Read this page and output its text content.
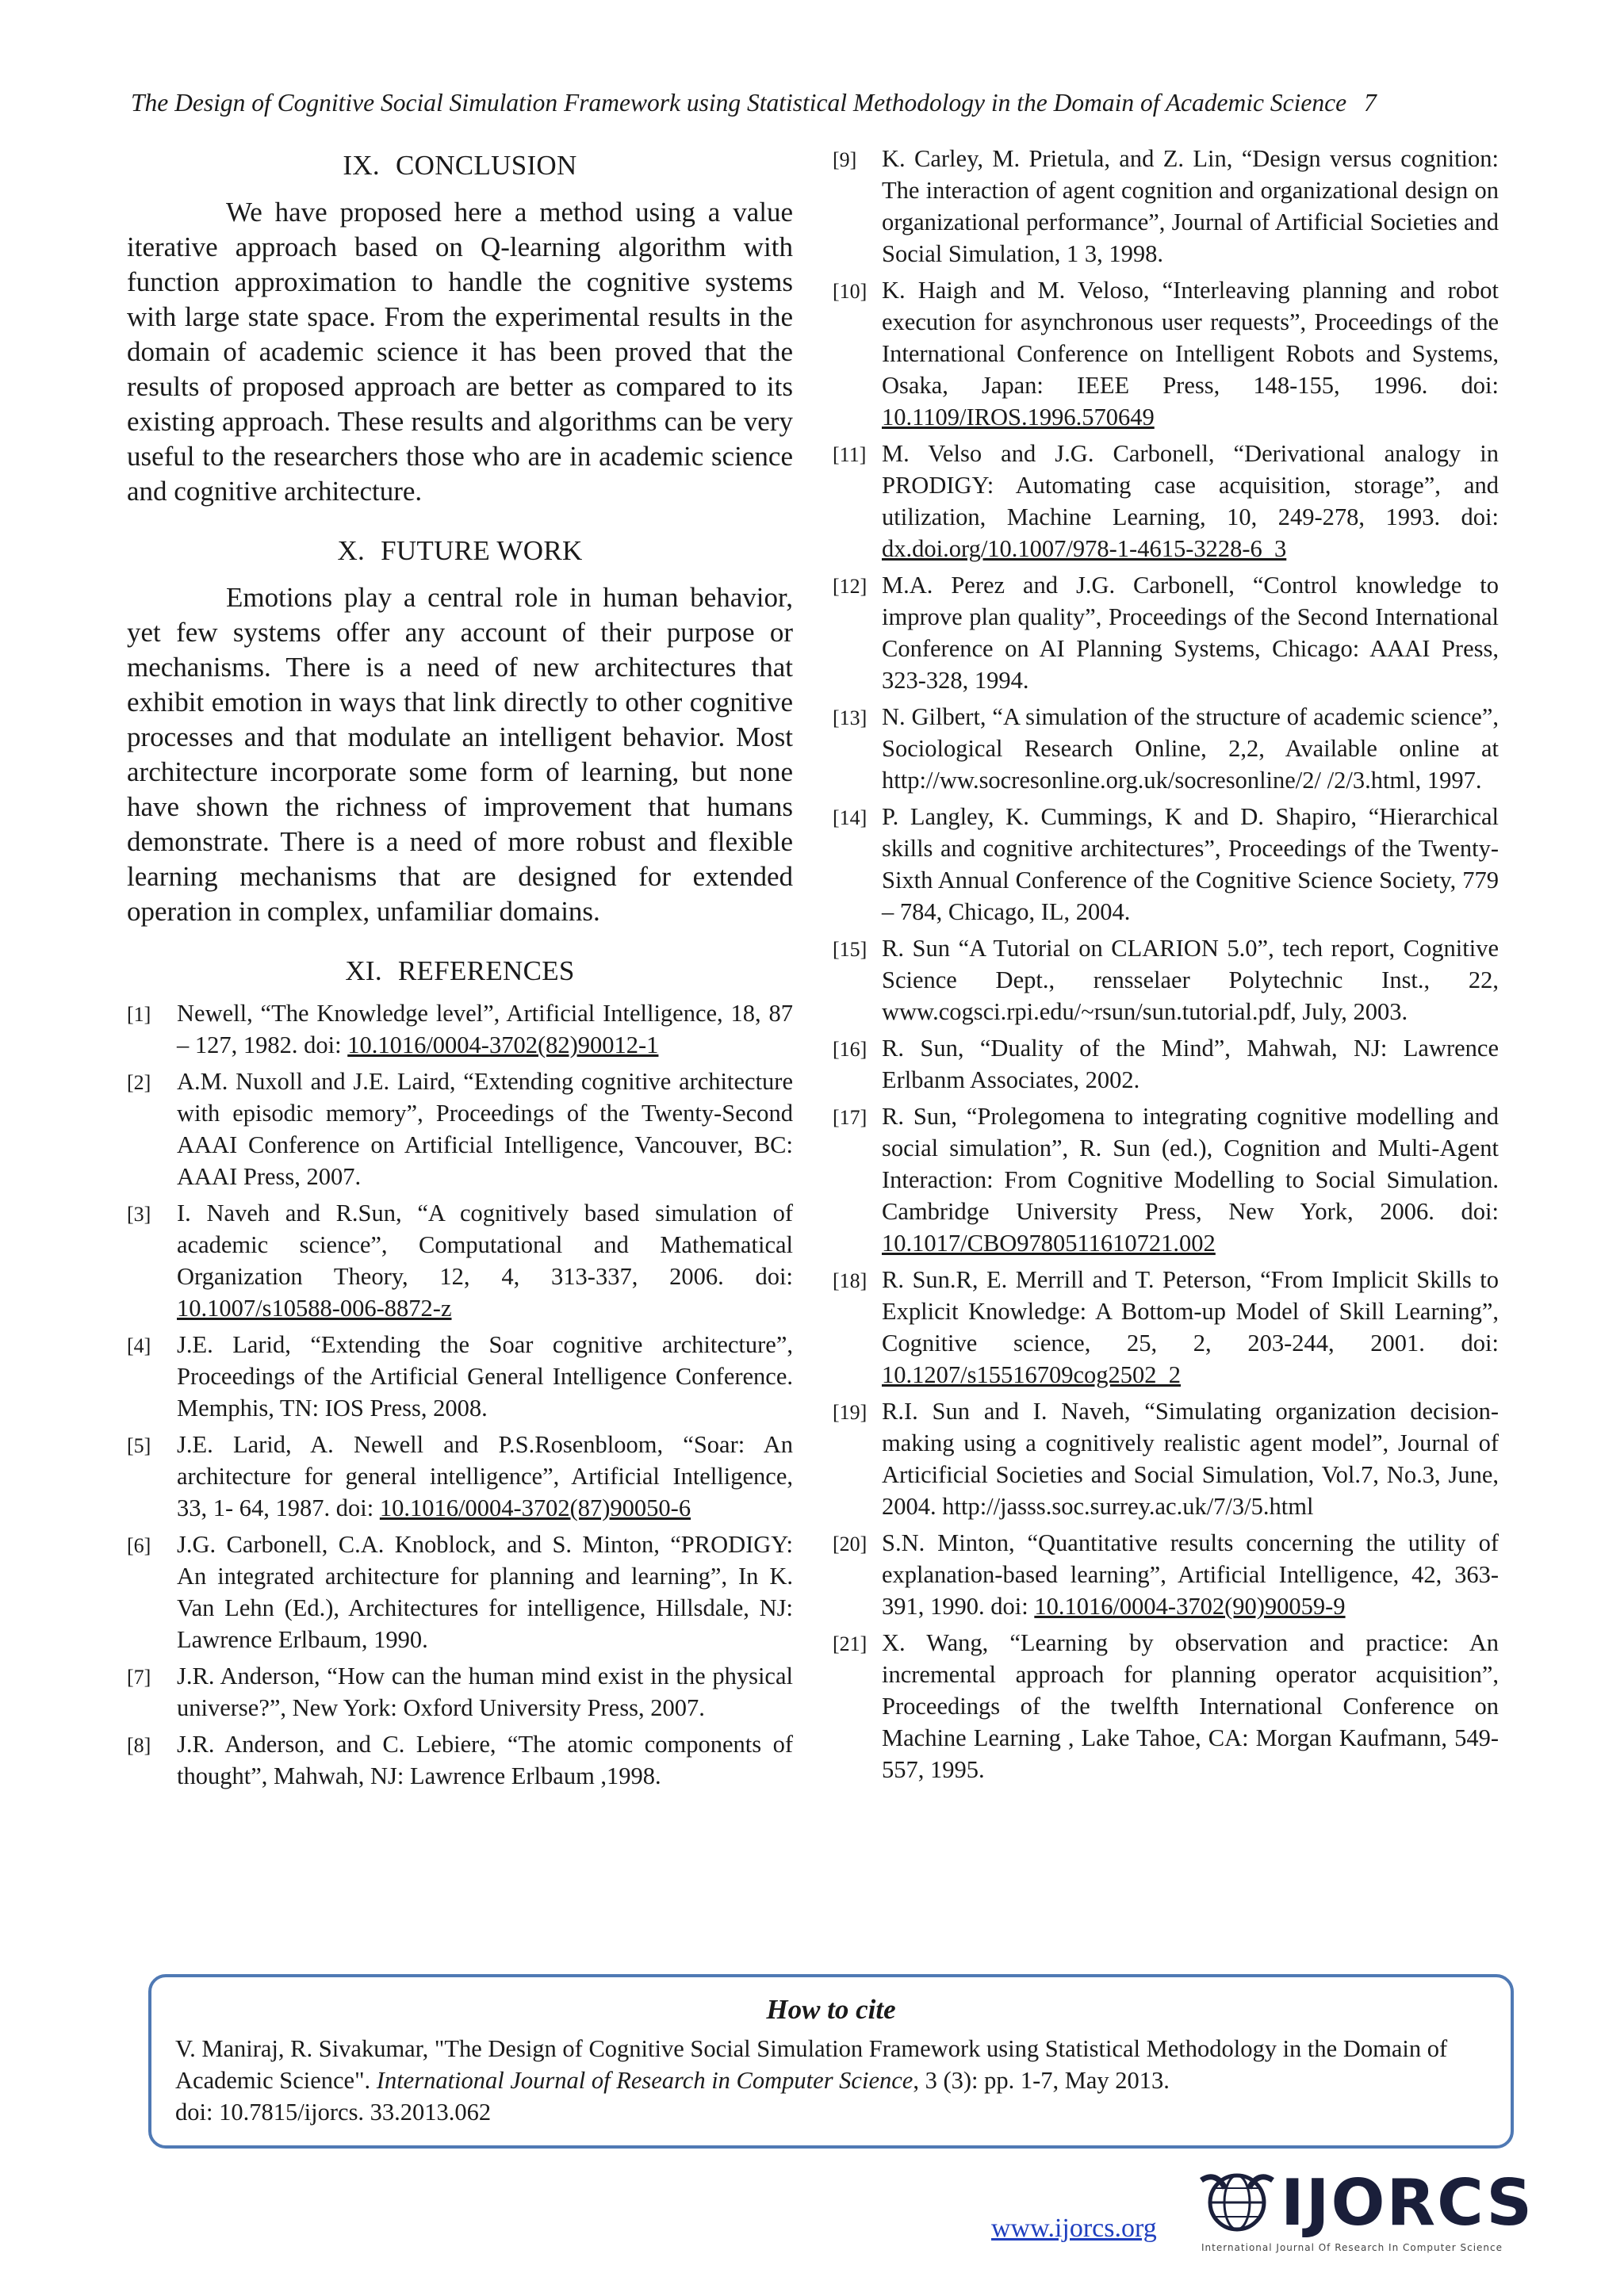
The Design of Cognitive Social Simulation Framework using Statistical Methodology in the Domain of Academic Science 7
IX. CONCLUSION

We have proposed here a method using a value iterative approach based on Q-learning algorithm with function approximation to handle the cognitive systems with large state space. From the experimental results in the domain of academic science it has been proved that the results of proposed approach are better as compared to its existing approach. These results and algorithms can be very useful to the researchers those who are in academic science and cognitive architecture.

X. FUTURE WORK

Emotions play a central role in human behavior, yet few systems offer any account of their purpose or mechanisms. There is a need of new architectures that exhibit emotion in ways that link directly to other cognitive processes and that modulate an intelligent behavior. Most architecture incorporate some form of learning, but none have shown the richness of improvement that humans demonstrate. There is a need of more robust and flexible learning mechanisms that are designed for extended operation in complex, unfamiliar domains.

XI. REFERENCES
[1]	Newell, “The Knowledge level”, Artificial Intelligence, 18, 87 – 127, 1982. doi: 10.1016/0004-3702(82)90012-1
[2]	A.M. Nuxoll and J.E. Laird, “Extending cognitive architecture with episodic memory”, Proceedings of the Twenty-Second AAAI Conference on Artificial Intelligence, Vancouver, BC: AAAI Press, 2007.
[3]	I. Naveh and R.Sun, “A cognitively based simulation of academic science”, Computational and Mathematical Organization Theory, 12, 4, 313-337, 2006. doi: 10.1007/s10588-006-8872-z
[4]	J.E. Larid, “Extending the Soar cognitive architecture”, Proceedings of the Artificial General Intelligence Conference. Memphis, TN: IOS Press, 2008.
[5]	J.E. Larid, A. Newell and P.S.Rosenbloom, “Soar: An architecture for general intelligence”, Artificial Intelligence, 33, 1- 64, 1987. doi: 10.1016/0004-3702(87)90050-6
[6]	J.G. Carbonell, C.A. Knoblock, and S. Minton, “PRODIGY: An integrated architecture for planning and learning”, In K. Van Lehn (Ed.), Architectures for intelligence, Hillsdale, NJ: Lawrence Erlbaum, 1990.
[7]	J.R. Anderson, “How can the human mind exist in the physical universe?”, New York: Oxford University Press, 2007.
[8]	J.R. Anderson, and C. Lebiere, “The atomic components of thought”, Mahwah, NJ: Lawrence Erlbaum ,1998.
[9]	K. Carley, M. Prietula, and Z. Lin, “Design versus cognition: The interaction of agent cognition and organizational design on organizational performance”, Journal of Artificial Societies and Social Simulation, 1 3, 1998.
[10] K. Haigh and M. Veloso, “Interleaving planning and robot execution for asynchronous user requests”, Proceedings of the International Conference on Intelligent Robots and Systems, Osaka, Japan: IEEE Press, 148-155, 1996. doi: 10.1109/IROS.1996.570649
[11] M. Velso and J.G. Carbonell, “Derivational analogy in PRODIGY: Automating case acquisition, storage”, and utilization, Machine Learning, 10, 249-278, 1993. doi: dx.doi.org/10.1007/978-1-4615-3228-6_3
[12] M.A. Perez and J.G. Carbonell, “Control knowledge to improve plan quality”, Proceedings of the Second International Conference on AI Planning Systems, Chicago: AAAI Press, 323-328, 1994.
[13] N. Gilbert, “A simulation of the structure of academic science”, Sociological Research Online, 2,2, Available online at http://ww.socresonline.org.uk/socresonline/2/ /2/3.html, 1997.
[14] P. Langley, K. Cummings, K and D. Shapiro, “Hierarchical skills and cognitive architectures”, Proceedings of the Twenty-Sixth Annual Conference of the Cognitive Science Society, 779 – 784, Chicago, IL, 2004.
[15] R. Sun “A Tutorial on CLARION 5.0”, tech report, Cognitive Science Dept., rensselaer Polytechnic Inst., 22, www.cogsci.rpi.edu/~rsun/sun.tutorial.pdf, July, 2003.
[16] R. Sun, “Duality of the Mind”, Mahwah, NJ: Lawrence Erlbanm Associates, 2002.
[17] R. Sun, “Prolegomena to integrating cognitive modelling and social simulation”, R. Sun (ed.), Cognition and Multi-Agent Interaction: From Cognitive Modelling to Social Simulation. Cambridge University Press, New York, 2006. doi: 10.1017/CBO9780511610721.002
[18] R. Sun.R, E. Merrill and T. Peterson, “From Implicit Skills to Explicit Knowledge: A Bottom-up Model of Skill Learning”, Cognitive science, 25, 2, 203-244, 2001. doi: 10.1207/s15516709cog2502_2
[19] R.I. Sun and I. Naveh, “Simulating organization decision-making using a cognitively realistic agent model”, Journal of Articificial Societies and Social Simulation, Vol.7, No.3, June, 2004. http://jasss.soc.surrey.ac.uk/7/3/5.html
[20] S.N. Minton, “Quantitative results concerning the utility of explanation-based learning”, Artificial Intelligence, 42, 363-391, 1990. doi: 10.1016/0004-3702(90)90059-9
[21] X. Wang, “Learning by observation and practice: An incremental approach for planning operator acquisition”, Proceedings of the twelfth International Conference on Machine Learning , Lake Tahoe, CA: Morgan Kaufmann, 549-557, 1995.
How to cite
V. Maniraj, R. Sivakumar, "The Design of Cognitive Social Simulation Framework using Statistical Methodology in the Domain of Academic Science". International Journal of Research in Computer Science, 3 (3): pp. 1-7, May 2013.
doi: 10.7815/ijorcs. 33.2013.062
www.ijorcs.org IJORCS
International Journal Of Research In Computer Science
